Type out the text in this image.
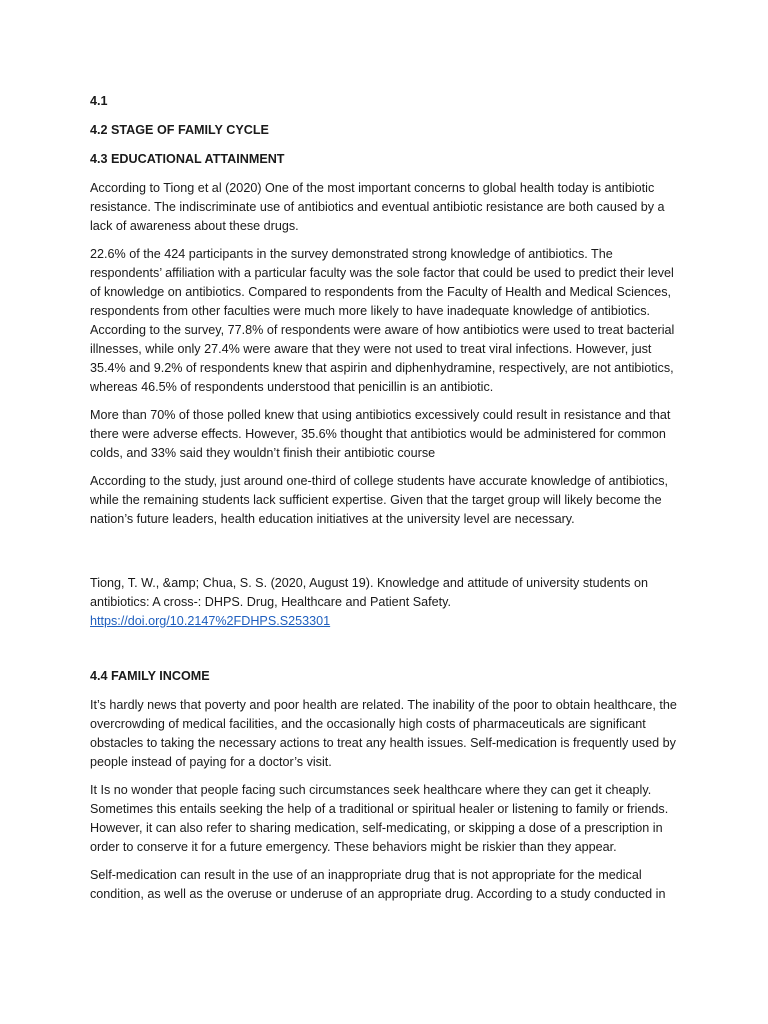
4.1
4.2 STAGE OF FAMILY CYCLE
4.3 EDUCATIONAL ATTAINMENT

According to Tiong et al (2020) One of the most important concerns to global health today is antibiotic resistance. The indiscriminate use of antibiotics and eventual antibiotic resistance are both caused by a lack of awareness about these drugs.

22.6% of the 424 participants in the survey demonstrated strong knowledge of antibiotics. The respondents’ affiliation with a particular faculty was the sole factor that could be used to predict their level of knowledge on antibiotics. Compared to respondents from the Faculty of Health and Medical Sciences, respondents from other faculties were much more likely to have inadequate knowledge of antibiotics. According to the survey, 77.8% of respondents were aware of how antibiotics were used to treat bacterial illnesses, while only 27.4% were aware that they were not used to treat viral infections. However, just 35.4% and 9.2% of respondents knew that aspirin and diphenhydramine, respectively, are not antibiotics, whereas 46.5% of respondents understood that penicillin is an antibiotic.

More than 70% of those polled knew that using antibiotics excessively could result in resistance and that there were adverse effects. However, 35.6% thought that antibiotics would be administered for common colds, and 33% said they wouldn’t finish their antibiotic course

According to the study, just around one-third of college students have accurate knowledge of antibiotics, while the remaining students lack sufficient expertise. Given that the target group will likely become the nation’s future leaders, health education initiatives at the university level are necessary.

Tiong, T. W., &amp; Chua, S. S. (2020, August 19). Knowledge and attitude of university students on antibiotics: A cross-: DHPS. Drug, Healthcare and Patient Safety.

https://doi.org/10.2147%2FDHPS.S253301
4.4 FAMILY INCOME

It’s hardly news that poverty and poor health are related. The inability of the poor to obtain healthcare, the overcrowding of medical facilities, and the occasionally high costs of pharmaceuticals are significant obstacles to taking the necessary actions to treat any health issues. Self-medication is frequently used by people instead of paying for a doctor’s visit.

It Is no wonder that people facing such circumstances seek healthcare where they can get it cheaply. Sometimes this entails seeking the help of a traditional or spiritual healer or listening to family or friends. However, it can also refer to sharing medication, self-medicating, or skipping a dose of a prescription in order to conserve it for a future emergency. These behaviors might be riskier than they appear.

Self-medication can result in the use of an inappropriate drug that is not appropriate for the medical condition, as well as the overuse or underuse of an appropriate drug. According to a study conducted in
